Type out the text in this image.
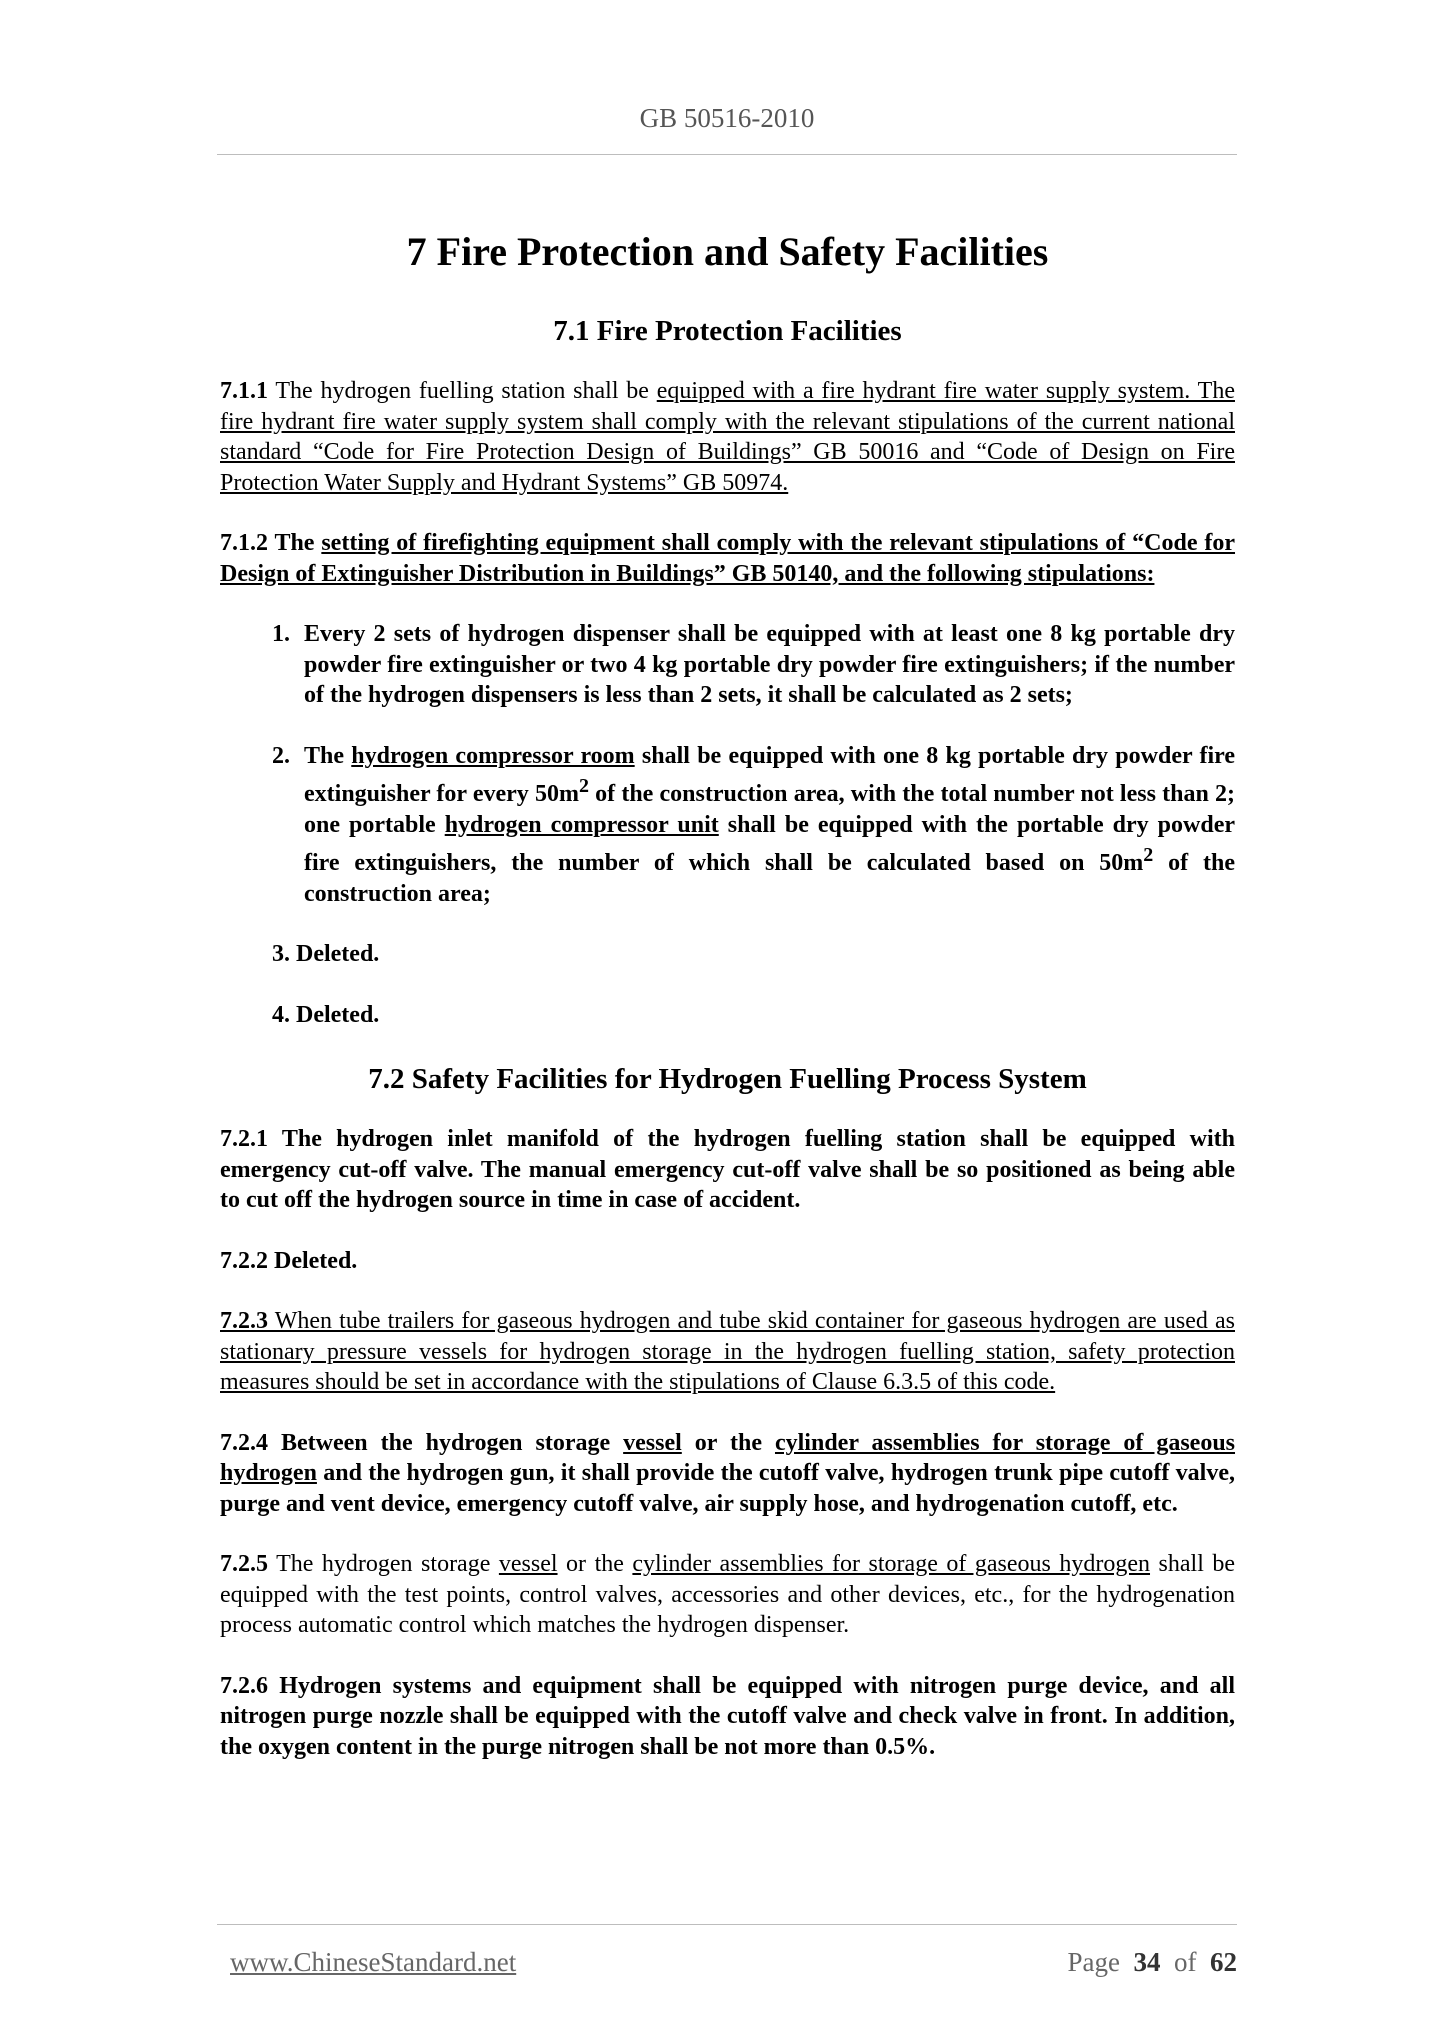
GB 50516-2010
7 Fire Protection and Safety Facilities
7.1 Fire Protection Facilities

7.1.1 The hydrogen fuelling station shall be equipped with a fire hydrant fire water supply system. The fire hydrant fire water supply system shall comply with the relevant stipulations of the current national standard “Code for Fire Protection Design of Buildings” GB 50016 and “Code of Design on Fire Protection Water Supply and Hydrant Systems” GB 50974.

7.1.2 The setting of firefighting equipment shall comply with the relevant stipulations of “Code for Design of Extinguisher Distribution in Buildings” GB 50140, and the following stipulations:

1. Every 2 sets of hydrogen dispenser shall be equipped with at least one 8 kg portable dry powder fire extinguisher or two 4 kg portable dry powder fire extinguishers; if the number of the hydrogen dispensers is less than 2 sets, it shall be calculated as 2 sets;
2. The hydrogen compressor room shall be equipped with one 8 kg portable dry powder fire extinguisher for every $50m^2$ of the construction area, with the total number not less than 2; one portable hydrogen compressor unit shall be equipped with the portable dry powder fire extinguishers, the number of which shall be calculated based on $50m^2$ of the construction area;
3. Deleted.
4. Deleted.
7.2 Safety Facilities for Hydrogen Fuelling Process System

7.2.1 The hydrogen inlet manifold of the hydrogen fuelling station shall be equipped with emergency cut-off valve. The manual emergency cut-off valve shall be so positioned as being able to cut off the hydrogen source in time in case of accident.

7.2.2 Deleted.

7.2.3 When tube trailers for gaseous hydrogen and tube skid container for gaseous hydrogen are used as stationary pressure vessels for hydrogen storage in the hydrogen fuelling station, safety protection measures should be set in accordance with the stipulations of Clause 6.3.5 of this code.

7.2.4 Between the hydrogen storage vessel or the cylinder assemblies for storage of gaseous hydrogen and the hydrogen gun, it shall provide the cutoff valve, hydrogen trunk pipe cutoff valve, purge and vent device, emergency cutoff valve, air supply hose, and hydrogenation cutoff, etc.

7.2.5 The hydrogen storage vessel or the cylinder assemblies for storage of gaseous hydrogen shall be equipped with the test points, control valves, accessories and other devices, etc., for the hydrogenation process automatic control which matches the hydrogen dispenser.

7.2.6 Hydrogen systems and equipment shall be equipped with nitrogen purge device, and all nitrogen purge nozzle shall be equipped with the cutoff valve and check valve in front. In addition, the oxygen content in the purge nitrogen shall be not more than 0.5%.

www.ChineseStandard.net	Page 34 of 62
